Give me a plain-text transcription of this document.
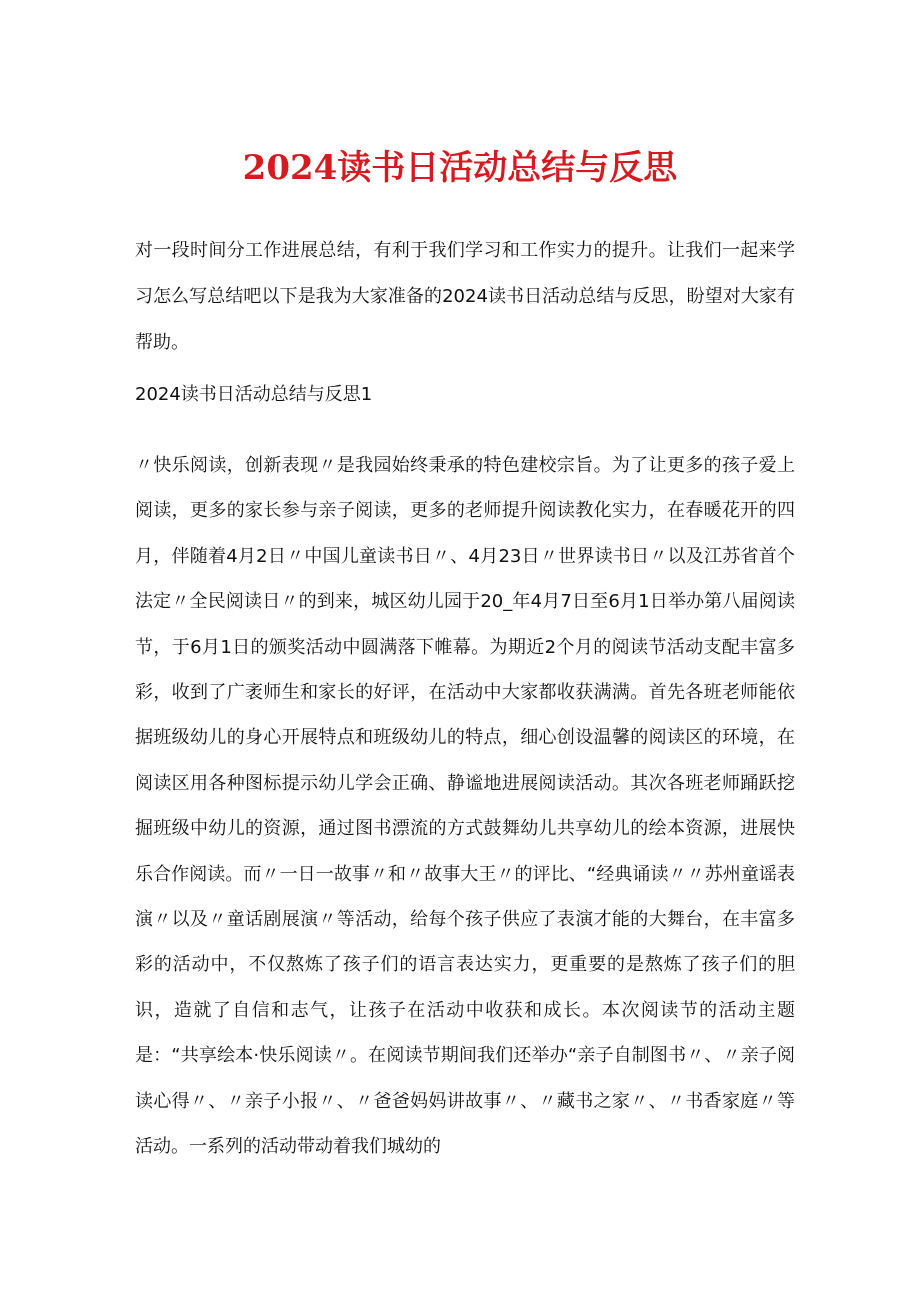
2024读书日活动总结与反思

对一段时间分工作进展总结，有利于我们学习和工作实力的提升。让我们一起来学习怎么写总结吧以下是我为大家准备的2024读书日活动总结与反思，盼望对大家有帮助。

2024读书日活动总结与反思1

〃快乐阅读，创新表现〃是我园始终秉承的特色建校宗旨。为了让更多的孩子爱上阅读，更多的家长参与亲子阅读，更多的老师提升阅读教化实力，在春暖花开的四月，伴随着4月2日〃中国儿童读书日〃、4月23日〃世界读书日〃以及江苏省首个法定〃全民阅读日〃的到来，城区幼儿园于20_年4月7日至6月1日举办第八届阅读节，于6月1日的颁奖活动中圆满落下帷幕。为期近2个月的阅读节活动支配丰富多彩，收到了广袤师生和家长的好评，在活动中大家都收获满满。首先各班老师能依据班级幼儿的身心开展特点和班级幼儿的特点，细心创设温馨的阅读区的环境，在阅读区用各种图标提示幼儿学会正确、静谧地进展阅读活动。其次各班老师踊跃挖掘班级中幼儿的资源，通过图书漂流的方式鼓舞幼儿共享幼儿的绘本资源，进展快乐合作阅读。而〃一日一故事〃和〃故事大王〃的评比、“经典诵读〃〃苏州童谣表演〃以及〃童话剧展演〃等活动，给每个孩子供应了表演才能的大舞台，在丰富多彩的活动中，不仅熬炼了孩子们的语言表达实力，更重要的是熬炼了孩子们的胆识，造就了自信和志气，让孩子在活动中收获和成长。本次阅读节的活动主题是：“共享绘本·快乐阅读〃。在阅读节期间我们还举办“亲子自制图书〃、〃亲子阅读心得〃、〃亲子小报〃、〃爸爸妈妈讲故事〃、〃藏书之家〃、〃书香家庭〃等活动。一系列的活动带动着我们城幼的
